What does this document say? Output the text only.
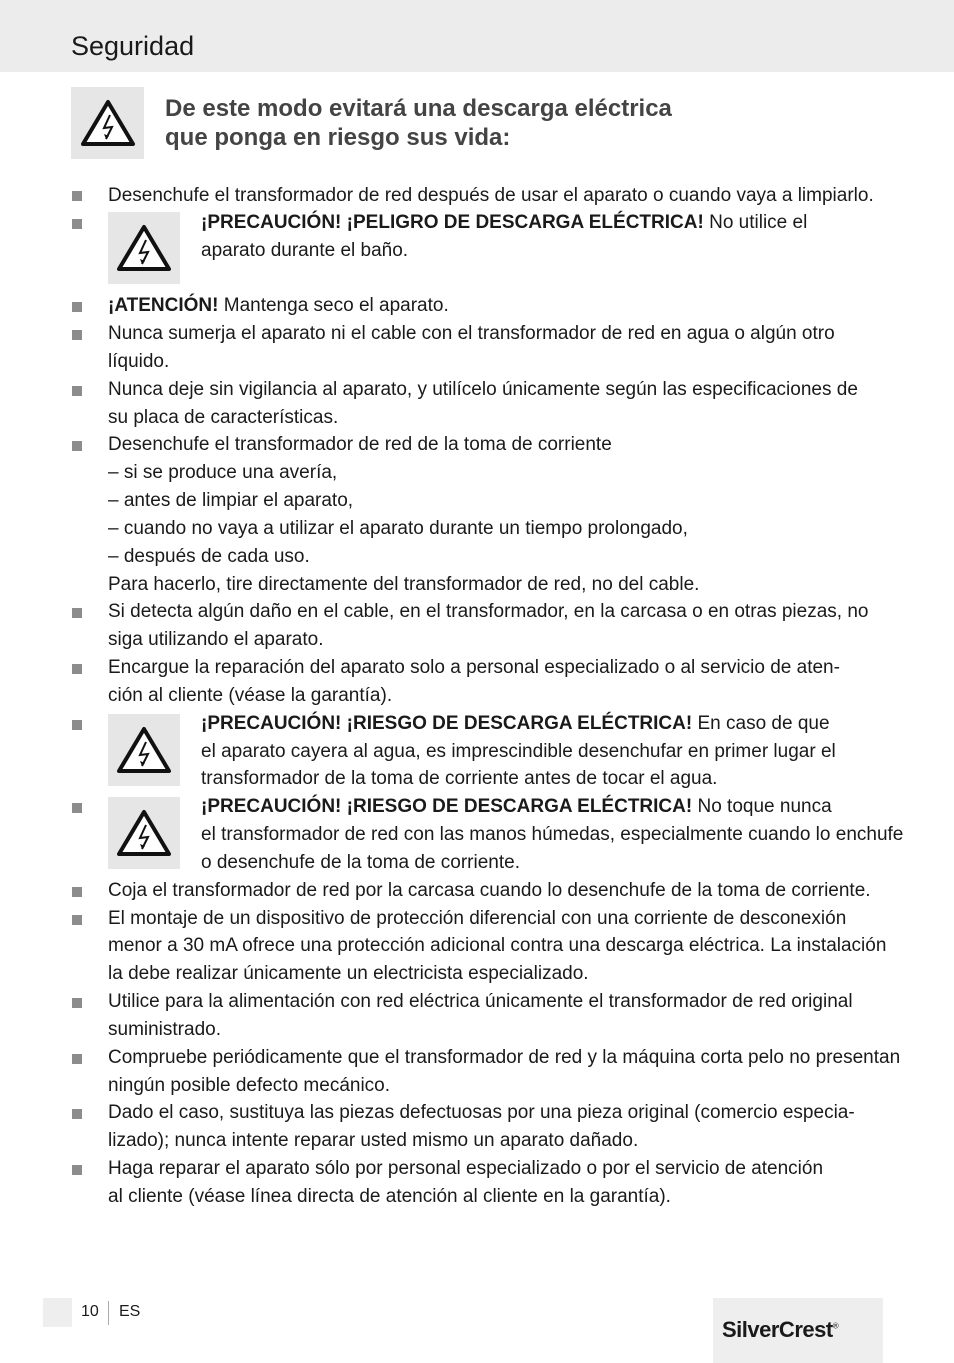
Seguridad
De este modo evitará una descarga eléctrica
que ponga en riesgo sus vida:
Desenchufe el transformador de red después de usar el aparato o cuando vaya a limpiarlo.
¡PRECAUCIÓN! ¡PELIGRO DE DESCARGA ELÉCTRICA! No utilice el
aparato durante el baño.
¡ATENCIÓN! Mantenga seco el aparato.
Nunca sumerja el aparato ni el cable con el transformador de red en agua o algún otro
líquido.
Nunca deje sin vigilancia al aparato, y utilícelo únicamente según las especificaciones de
su placa de características.
Desenchufe el transformador de red de la toma de corriente
– si se produce una avería,
– antes de limpiar el aparato,
– cuando no vaya a utilizar el aparato durante un tiempo prolongado,
– después de cada uso.
Para hacerlo, tire directamente del transformador de red, no del cable.
Si detecta algún daño en el cable, en el transformador, en la carcasa o en otras piezas, no
siga utilizando el aparato.
Encargue la reparación del aparato solo a personal especializado o al servicio de aten-
ción al cliente (véase la garantía).
¡PRECAUCIÓN! ¡RIESGO DE DESCARGA ELÉCTRICA! En caso de que
el aparato cayera al agua, es imprescindible desenchufar en primer lugar el
transformador de la toma de corriente antes de tocar el agua.
¡PRECAUCIÓN! ¡RIESGO DE DESCARGA ELÉCTRICA! No toque nunca
el transformador de red con las manos húmedas, especialmente cuando lo enchufe
o desenchufe de la toma de corriente.
Coja el transformador de red por la carcasa cuando lo desenchufe de la toma de corriente.
El montaje de un dispositivo de protección diferencial con una corriente de desconexión
menor a 30 mA ofrece una protección adicional contra una descarga eléctrica. La instalación
la debe realizar únicamente un electricista especializado.
Utilice para la alimentación con red eléctrica únicamente el transformador de red original
suministrado.
Compruebe periódicamente que el transformador de red y la máquina corta pelo no presentan
ningún posible defecto mecánico.
Dado el caso, sustituya las piezas defectuosas por una pieza original (comercio especia-
lizado); nunca intente reparar usted mismo un aparato dañado.
Haga reparar el aparato sólo por personal especializado o por el servicio de atención
al cliente (véase línea directa de atención al cliente en la garantía).
10 ES
SilverCrest®
